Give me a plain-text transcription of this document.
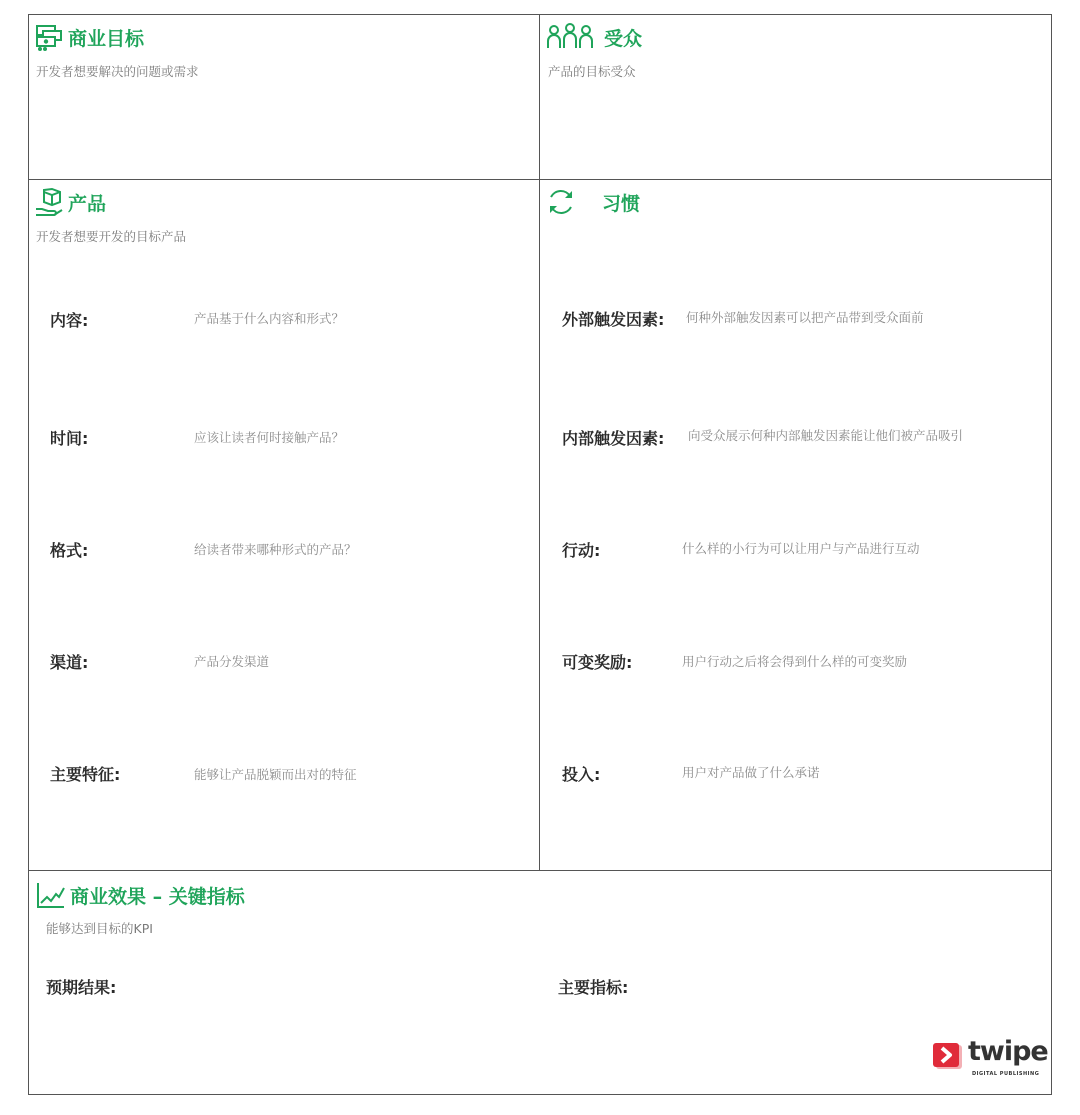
商业目标
开发者想要解决的问题或需求
受众
产品的目标受众
产品
开发者想要开发的目标产品
内容:	产品基于什么内容和形式？
时间:	应该让读者何时接触产品？
格式:	给读者带来哪种形式的产品？
渠道:	产品分发渠道
主要特征:	能够让产品脱颖而出对的特征
习惯
外部触发因素: 何种外部触发因素可以把产品带到受众面前
内部触发因素: 向受众展示何种内部触发因素能让他们被产品吸引
行动:	什么样的小行为可以让用户与产品进行互动
可变奖励:	用户行动之后将会得到什么样的可变奖励
投入:	用户对产品做了什么承诺
商业效果 – 关键指标
能够达到目标的KPI
预期结果:	主要指标:
twipe
DIGITAL PUBLISHING
